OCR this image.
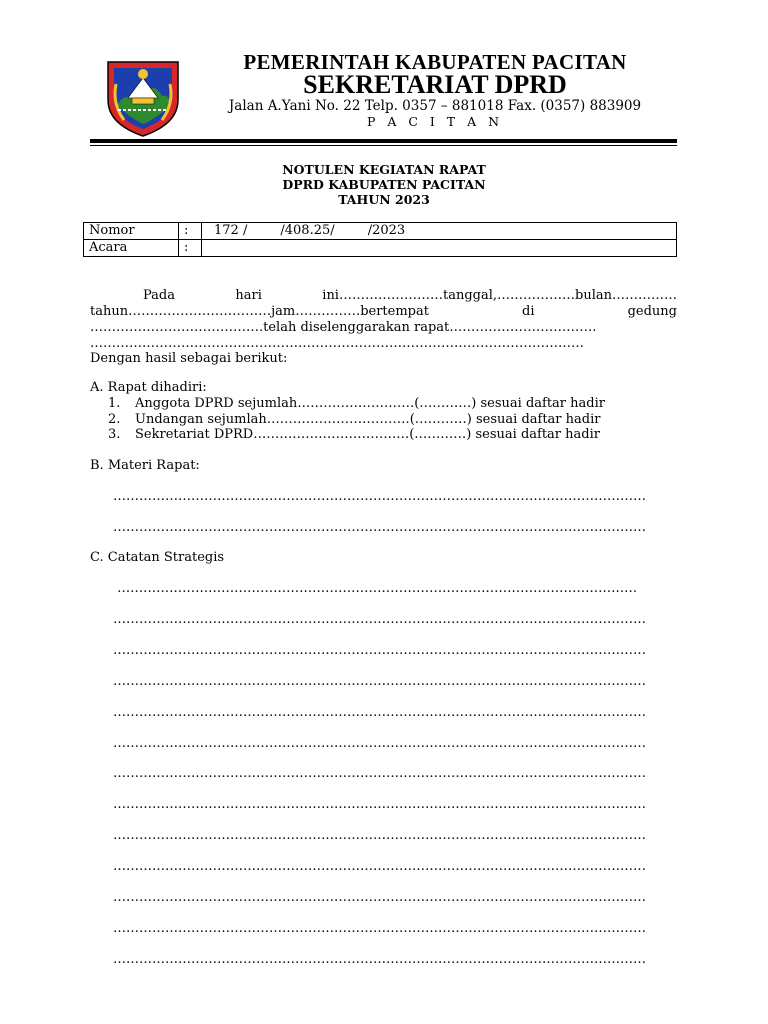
PEMERINTAH KABUPATEN PACITAN
SEKRETARIAT DPRD
Jalan A.Yani No. 22 Telp. 0357 – 881018 Fax. (0357) 883909
P A C I T A N
NOTULEN KEGIATAN RAPAT
DPRD KABUPATEN PACITAN
TAHUN 2023
Nomor	:	172 /        /408.25/        /2023
Acara	:	
Pada	hari	ini……………………tanggal,………………bulan……………
tahun……………………………jam……………bertempat	di	gedung
………………………………….telah diselenggarakan rapat…………………………….
……………………………………………………………………………………………………
Dengan hasil sebagai berikut:
A. Rapat dihadiri:
1. Anggota DPRD sejumlah………………………(…………) sesuai daftar hadir
2. Undangan sejumlah……………………………(…………) sesuai daftar hadir
3. Sekretariat DPRD………………………………(…………) sesuai daftar hadir
B. Materi Rapat:
……………………………………………………………………………………………………………
……………………………………………………………………………………………………………
C. Catatan Strategis
…………………………………………………………………………………………………………
……………………………………………………………………………………………………………
……………………………………………………………………………………………………………
……………………………………………………………………………………………………………
……………………………………………………………………………………………………………
……………………………………………………………………………………………………………
……………………………………………………………………………………………………………
……………………………………………………………………………………………………………
……………………………………………………………………………………………………………
……………………………………………………………………………………………………………
……………………………………………………………………………………………………………
……………………………………………………………………………………………………………
……………………………………………………………………………………………………………
